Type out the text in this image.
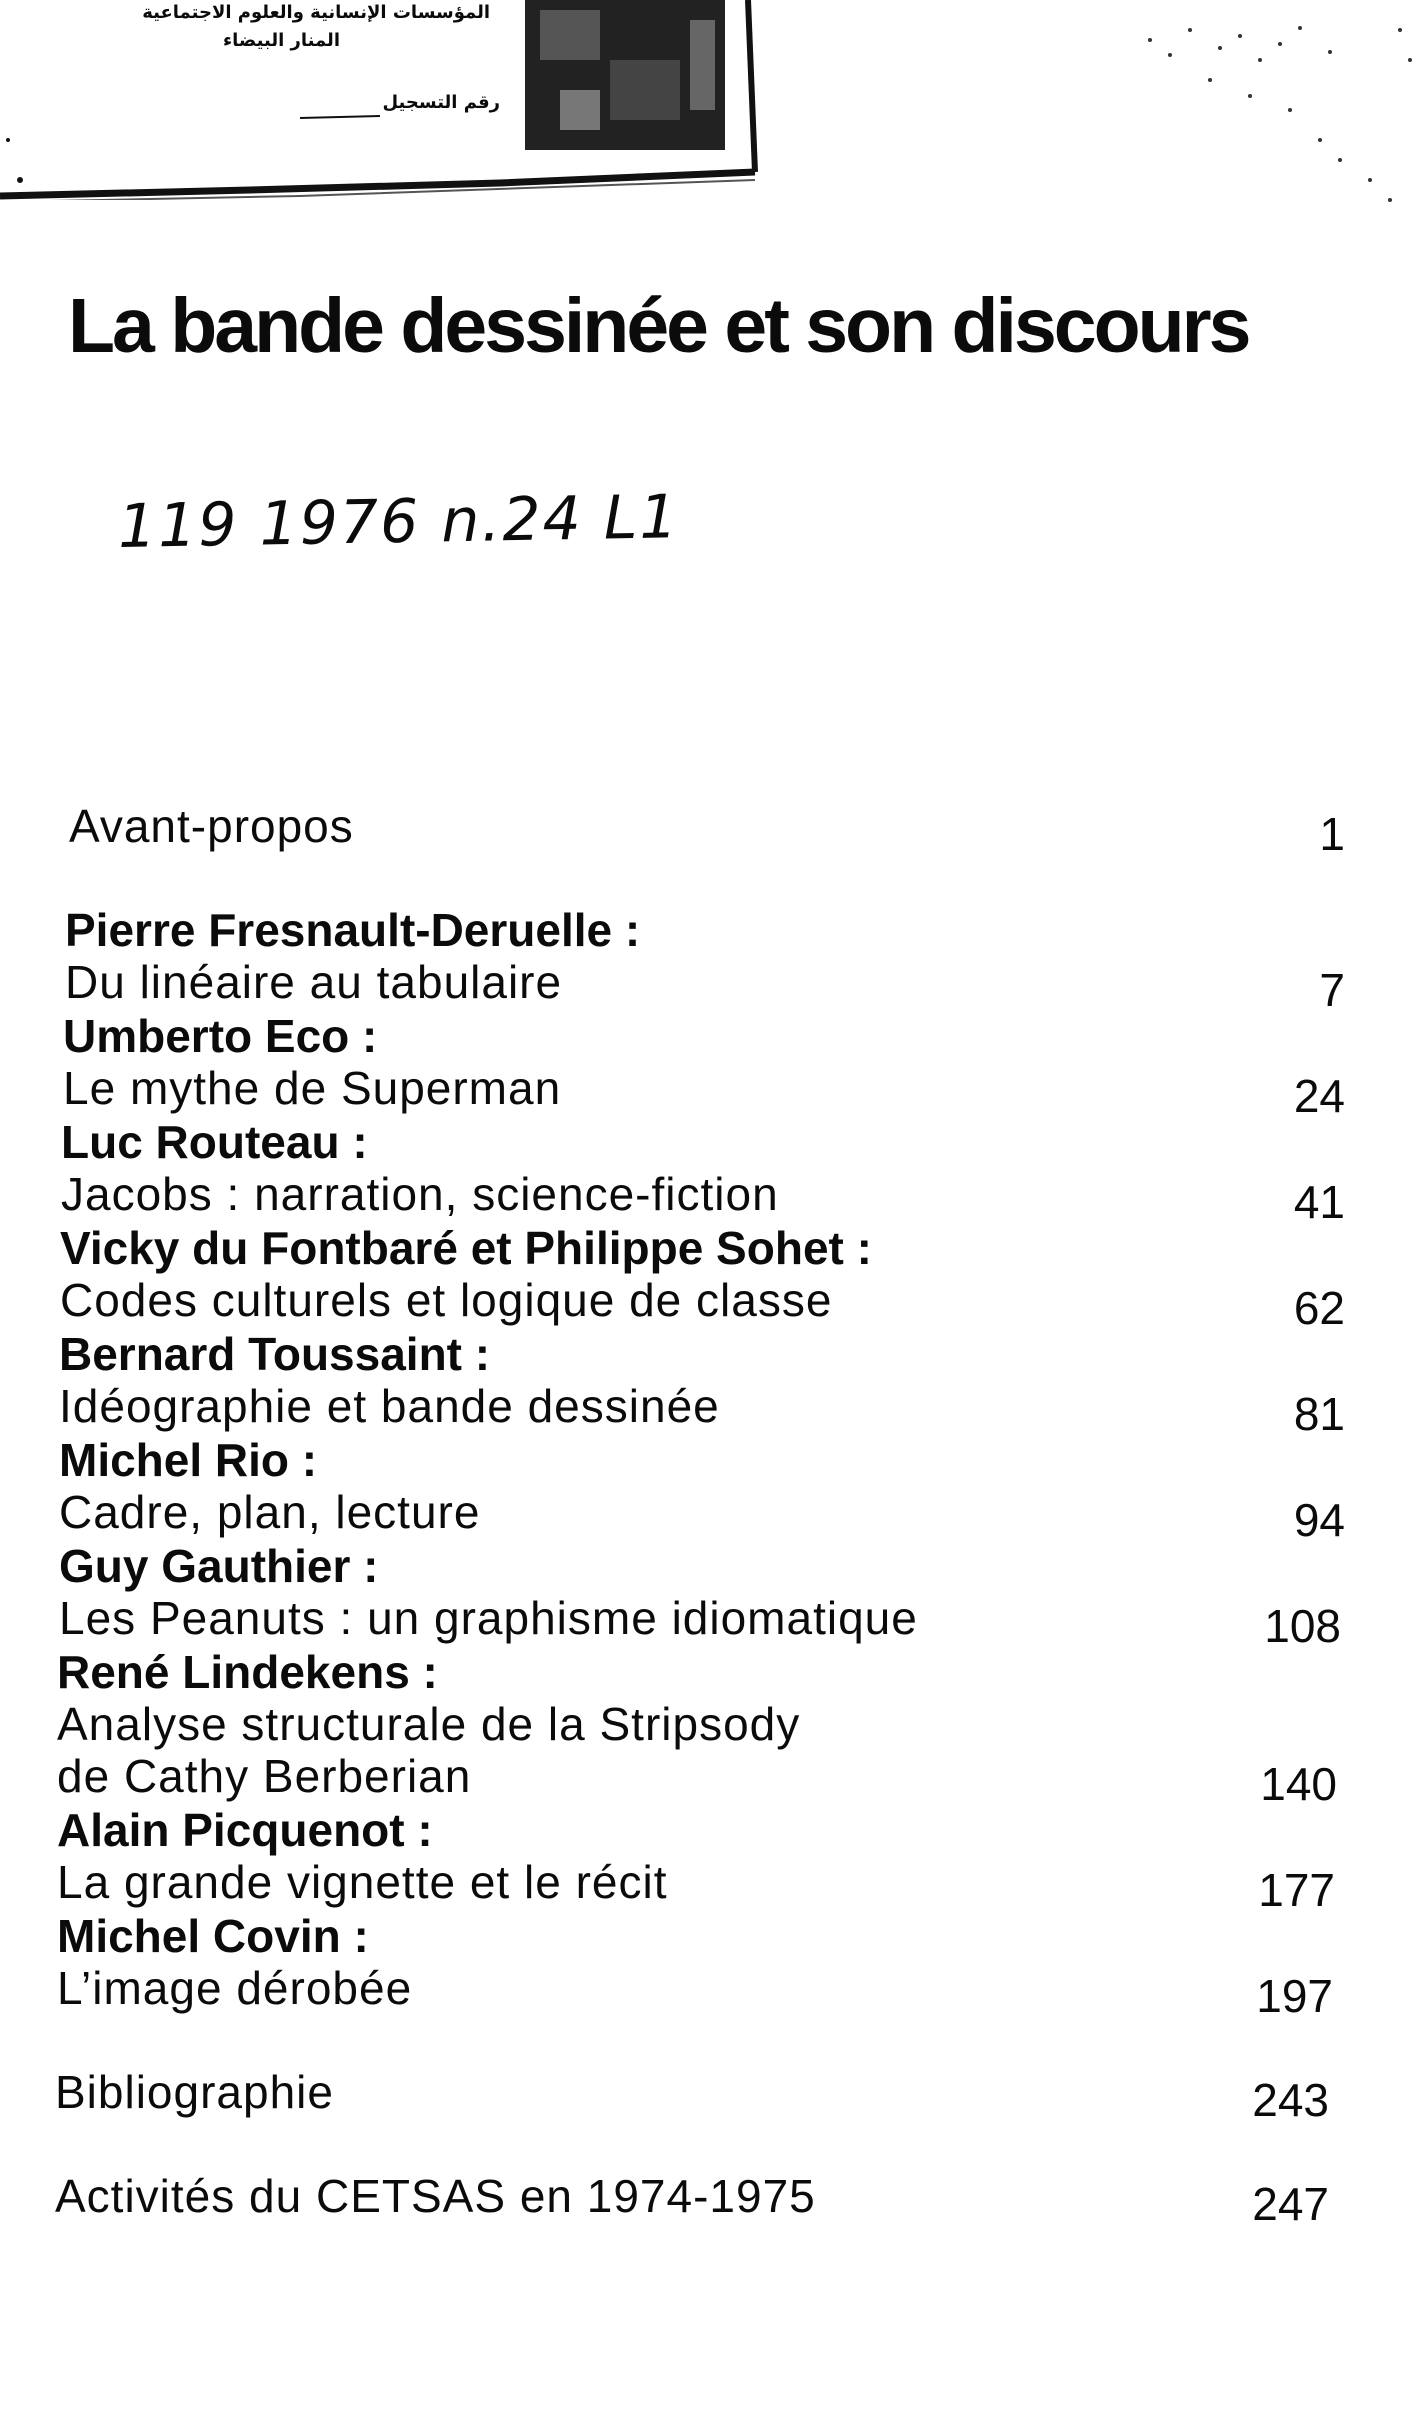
المؤسسات الإنسانية والعلوم الاجتماعية
المنار البيضاء
رقم التسجيل
La bande dessinée et son discours
119 1976 n.24 L1
Avant-propos	1
Pierre Fresnault-Deruelle :
Du linéaire au tabulaire	7
Umberto Eco :
Le mythe de Superman	24
Luc Routeau :
Jacobs : narration, science-fiction	41
Vicky du Fontbaré et Philippe Sohet :
Codes culturels et logique de classe	62
Bernard Toussaint :
Idéographie et bande dessinée	81
Michel Rio :
Cadre, plan, lecture	94
Guy Gauthier :
Les Peanuts : un graphisme idiomatique	108
René Lindekens :
Analyse structurale de la Stripsody
de Cathy Berberian	140
Alain Picquenot :
La grande vignette et le récit	177
Michel Covin :
L’image dérobée	197
Bibliographie	243
Activités du CETSAS en 1974-1975	247
